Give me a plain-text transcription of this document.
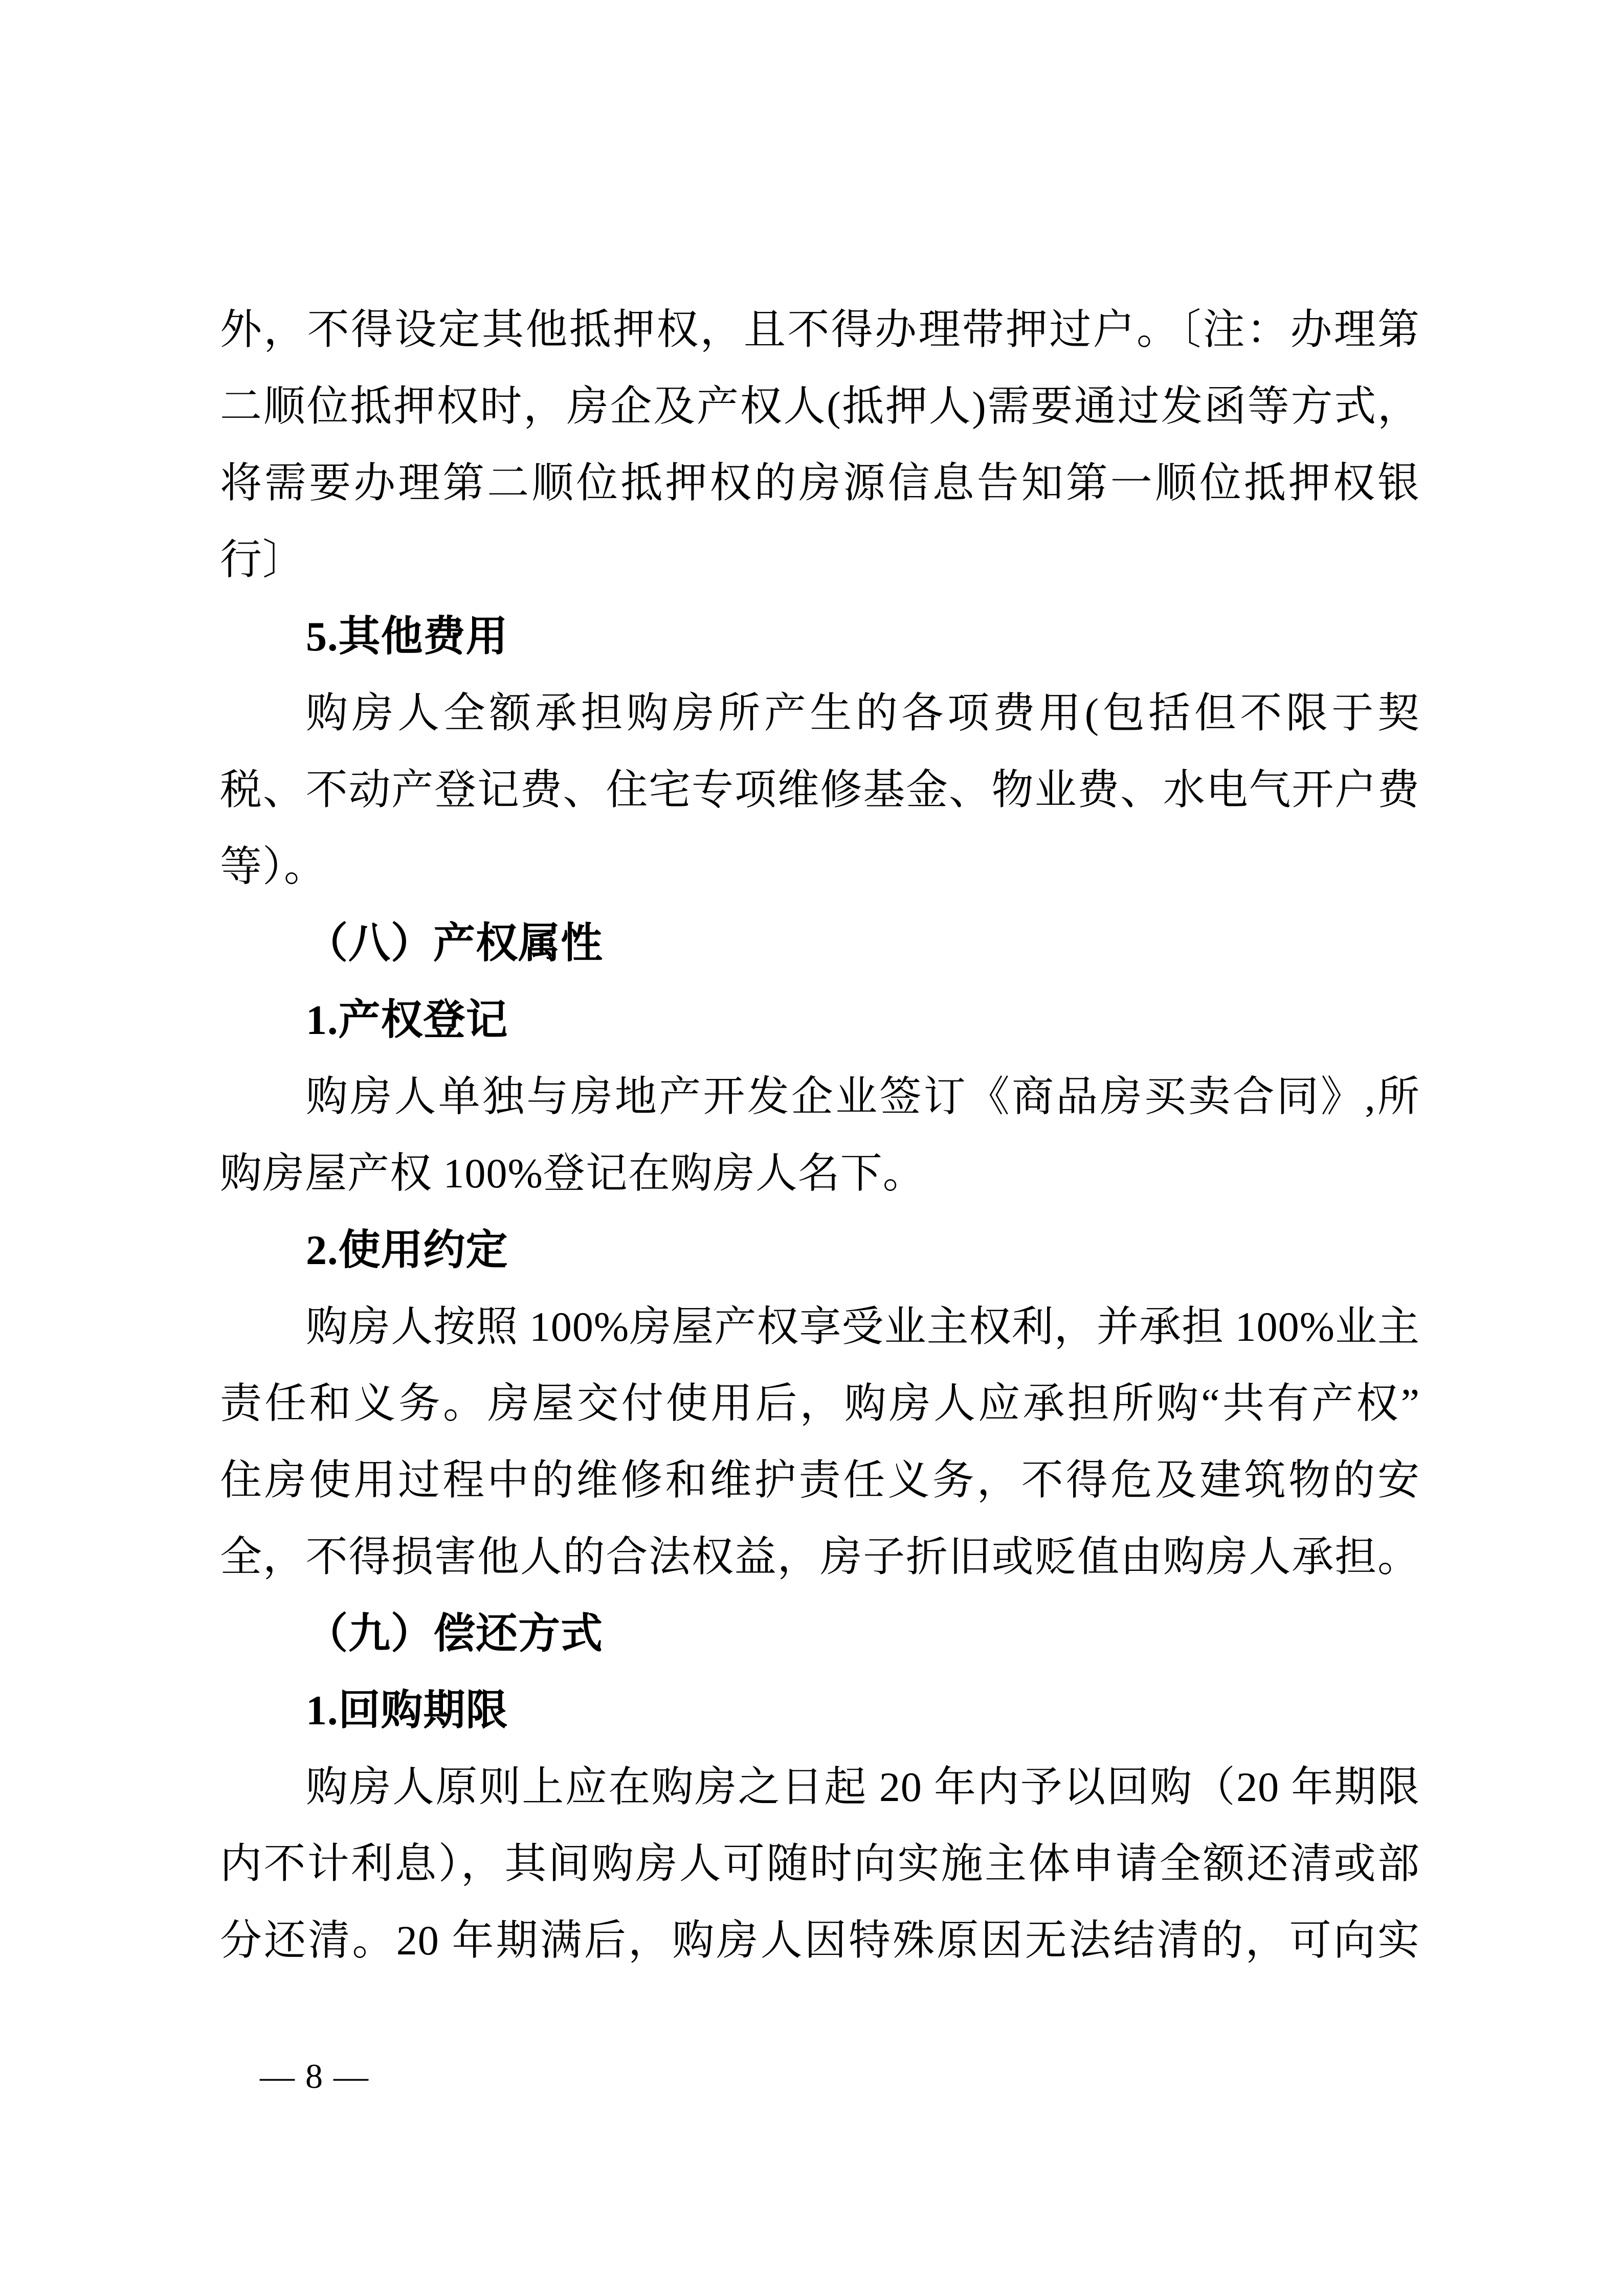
外，不得设定其他抵押权，且不得办理带押过户。〔注：办理第
二顺位抵押权时，房企及产权人(抵押人)需要通过发函等方式，
将需要办理第二顺位抵押权的房源信息告知第一顺位抵押权银
行〕
5.其他费用
购房人全额承担购房所产生的各项费用(包括但不限于契
税、不动产登记费、住宅专项维修基金、物业费、水电气开户费
等）。
（八）产权属性
1.产权登记
购房人单独与房地产开发企业签订《商品房买卖合同》,所
购房屋产权 100%登记在购房人名下。
2.使用约定
购房人按照 100%房屋产权享受业主权利，并承担 100%业主
责任和义务。房屋交付使用后，购房人应承担所购“共有产权”
住房使用过程中的维修和维护责任义务，不得危及建筑物的安
全，不得损害他人的合法权益，房子折旧或贬值由购房人承担。
（九）偿还方式
1.回购期限
购房人原则上应在购房之日起 20 年内予以回购（20 年期限
内不计利息），其间购房人可随时向实施主体申请全额还清或部
分还清。20 年期满后，购房人因特殊原因无法结清的，可向实
— 8 —
